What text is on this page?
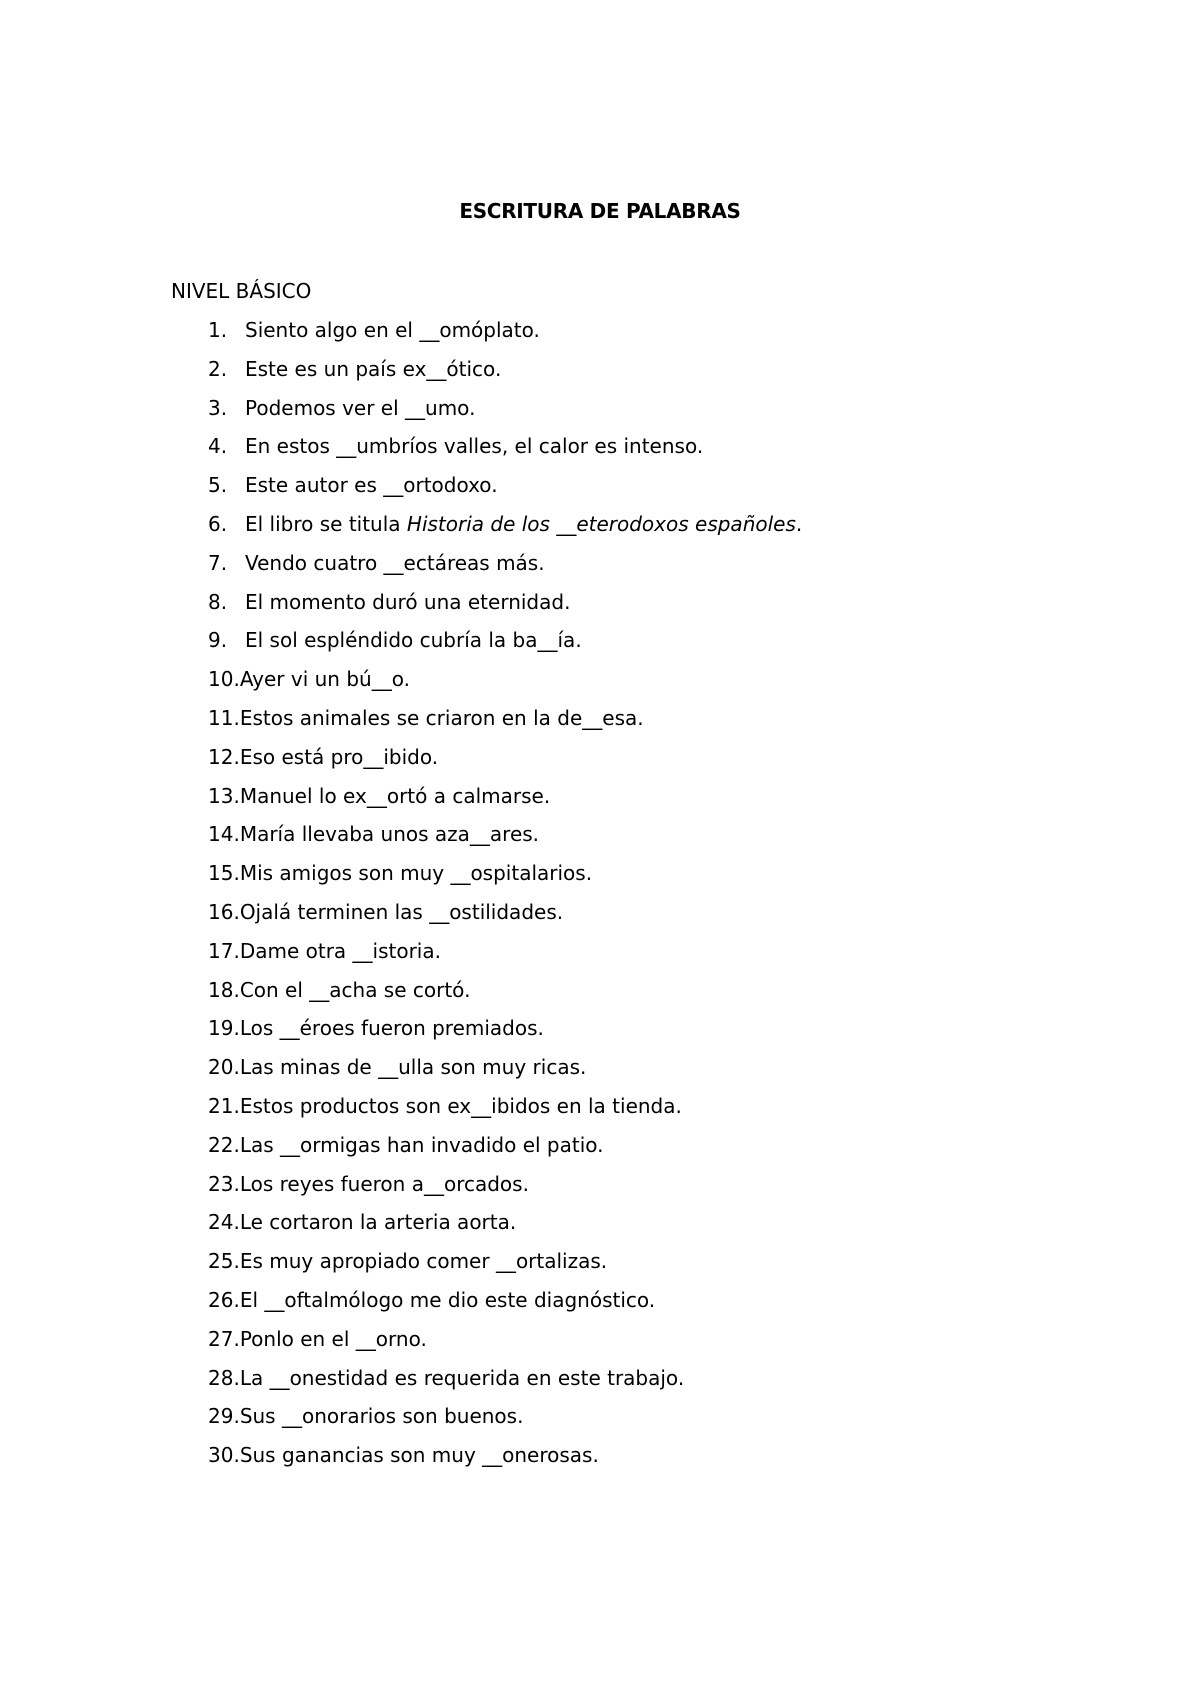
ESCRITURA DE PALABRAS

NIVEL BÁSICO

1. Siento algo en el __omóplato.
2. Este es un país ex__ótico.
3. Podemos ver el __umo.
4. En estos __umbríos valles, el calor es intenso.
5. Este autor es __ortodoxo.
6. El libro se titula Historia de los __eterodoxos españoles.
7. Vendo cuatro __ectáreas más.
8. El momento duró una eternidad.
9. El sol espléndido cubría la ba__ía.
10.Ayer vi un bú__o.
11.Estos animales se criaron en la de__esa.
12.Eso está pro__ibido.
13.Manuel lo ex__ortó a calmarse.
14.María llevaba unos aza__ares.
15.Mis amigos son muy __ospitalarios.
16.Ojalá terminen las __ostilidades.
17.Dame otra __istoria.
18.Con el __acha se cortó.
19.Los __éroes fueron premiados.
20.Las minas de __ulla son muy ricas.
21.Estos productos son ex__ibidos en la tienda.
22.Las __ormigas han invadido el patio.
23.Los reyes fueron a__orcados.
24.Le cortaron la arteria aorta.
25.Es muy apropiado comer __ortalizas.
26.El __oftalmólogo me dio este diagnóstico.
27.Ponlo en el __orno.
28.La __onestidad es requerida en este trabajo.
29.Sus __onorarios son buenos.
30.Sus ganancias son muy __onerosas.
